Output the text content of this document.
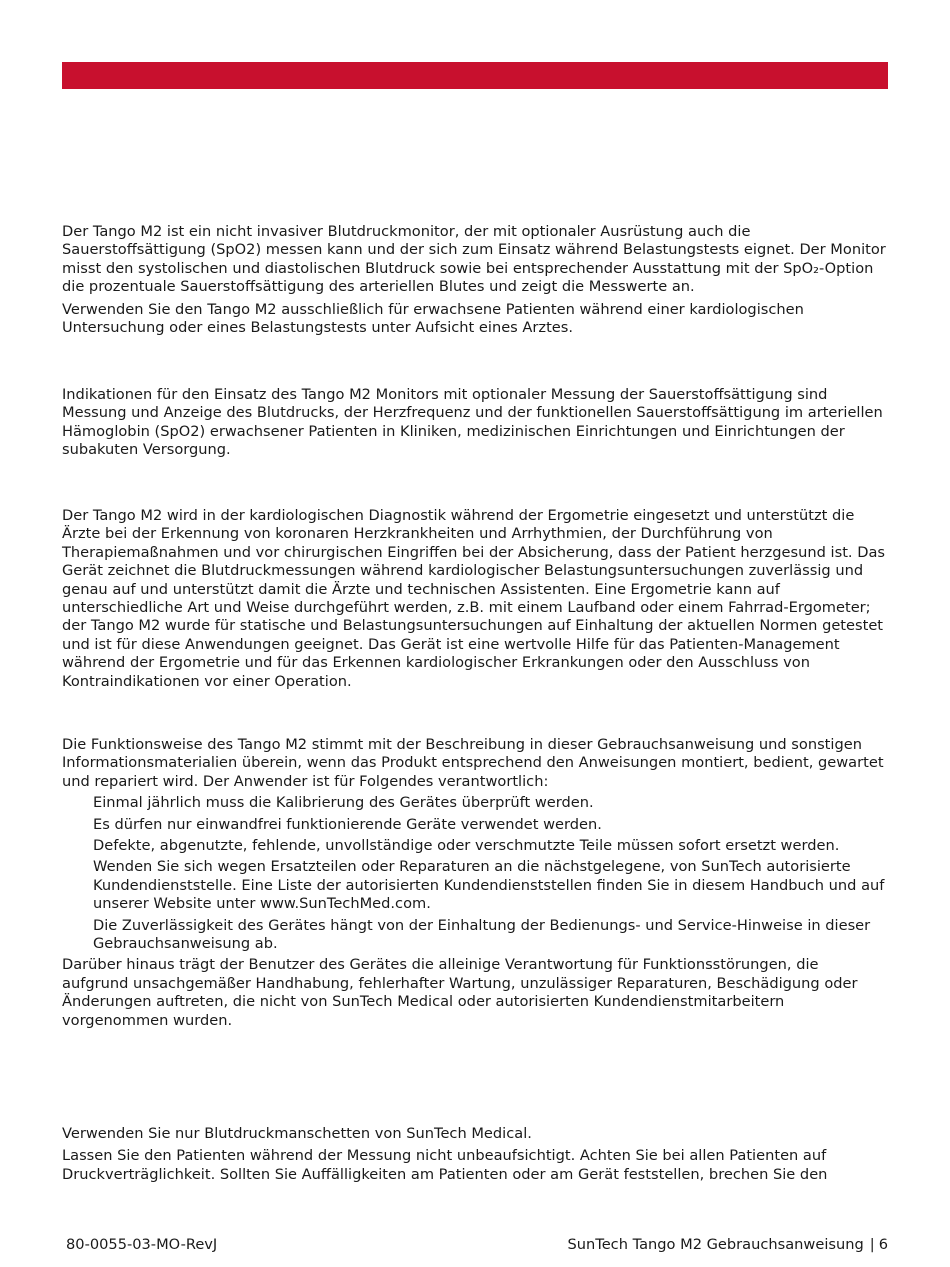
Der Tango M2 ist ein nicht invasiver Blutdruckmonitor, der mit optionaler Ausrüstung auch die Sauerstoffsättigung (SpO2) messen kann und der sich zum Einsatz während Belastungstests eignet. Der Monitor misst den systolischen und diastolischen Blutdruck sowie bei entsprechender Ausstattung mit der SpO₂-Option die prozentuale Sauerstoffsättigung des arteriellen Blutes und zeigt die Messwerte an.

Verwenden Sie den Tango M2 ausschließlich für erwachsene Patienten während einer kardiologischen Untersuchung oder eines Belastungstests unter Aufsicht eines Arztes.

Indikationen für den Einsatz des Tango M2 Monitors mit optionaler Messung der Sauerstoffsättigung sind Messung und Anzeige des Blutdrucks, der Herzfrequenz und der funktionellen Sauerstoffsättigung im arteriellen Hämoglobin (SpO2) erwachsener Patienten in Kliniken, medizinischen Einrichtungen und Einrichtungen der subakuten Versorgung.

Der Tango M2 wird in der kardiologischen Diagnostik während der Ergometrie eingesetzt und unterstützt die Ärzte bei der Erkennung von koronaren Herzkrankheiten und Arrhythmien, der Durchführung von Therapiemaßnahmen und vor chirurgischen Eingriffen bei der Absicherung, dass der Patient herzgesund ist. Das Gerät zeichnet die Blutdruckmessungen während kardiologischer Belastungsuntersuchungen zuverlässig und genau auf und unterstützt damit die Ärzte und technischen Assistenten. Eine Ergometrie kann auf unterschiedliche Art und Weise durchgeführt werden, z.B. mit einem Laufband oder einem Fahrrad-Ergometer; der Tango M2 wurde für statische und Belastungsuntersuchungen auf Einhaltung der aktuellen Normen getestet und ist für diese Anwendungen geeignet. Das Gerät ist eine wertvolle Hilfe für das Patienten-Management während der Ergometrie und für das Erkennen kardiologischer Erkrankungen oder den Ausschluss von Kontraindikationen vor einer Operation.

Die Funktionsweise des Tango M2 stimmt mit der Beschreibung in dieser Gebrauchsanweisung und sonstigen Informationsmaterialien überein, wenn das Produkt entsprechend den Anweisungen montiert, bedient, gewartet und repariert wird. Der Anwender ist für Folgendes verantwortlich:

Einmal jährlich muss die Kalibrierung des Gerätes überprüft werden.
Es dürfen nur einwandfrei funktionierende Geräte verwendet werden.
Defekte, abgenutzte, fehlende, unvollständige oder verschmutzte Teile müssen sofort ersetzt werden.
Wenden Sie sich wegen Ersatzteilen oder Reparaturen an die nächstgelegene, von SunTech autorisierte Kundendienststelle. Eine Liste der autorisierten Kundendienststellen finden Sie in diesem Handbuch und auf unserer Website unter www.SunTechMed.com.
Die Zuverlässigkeit des Gerätes hängt von der Einhaltung der Bedienungs- und Service-Hinweise in dieser Gebrauchsanweisung ab.

Darüber hinaus trägt der Benutzer des Gerätes die alleinige Verantwortung für Funktionsstörungen, die aufgrund unsachgemäßer Handhabung, fehlerhafter Wartung, unzulässiger Reparaturen, Beschädigung oder Änderungen auftreten, die nicht von SunTech Medical oder autorisierten Kundendienstmitarbeitern vorgenommen wurden.

Verwenden Sie nur Blutdruckmanschetten von SunTech Medical.

Lassen Sie den Patienten während der Messung nicht unbeaufsichtigt. Achten Sie bei allen Patienten auf Druckverträglichkeit. Sollten Sie Auffälligkeiten am Patienten oder am Gerät feststellen, brechen Sie den

80-0055-03-MO-RevJ	SunTech Tango M2 Gebrauchsanweisung | 6
